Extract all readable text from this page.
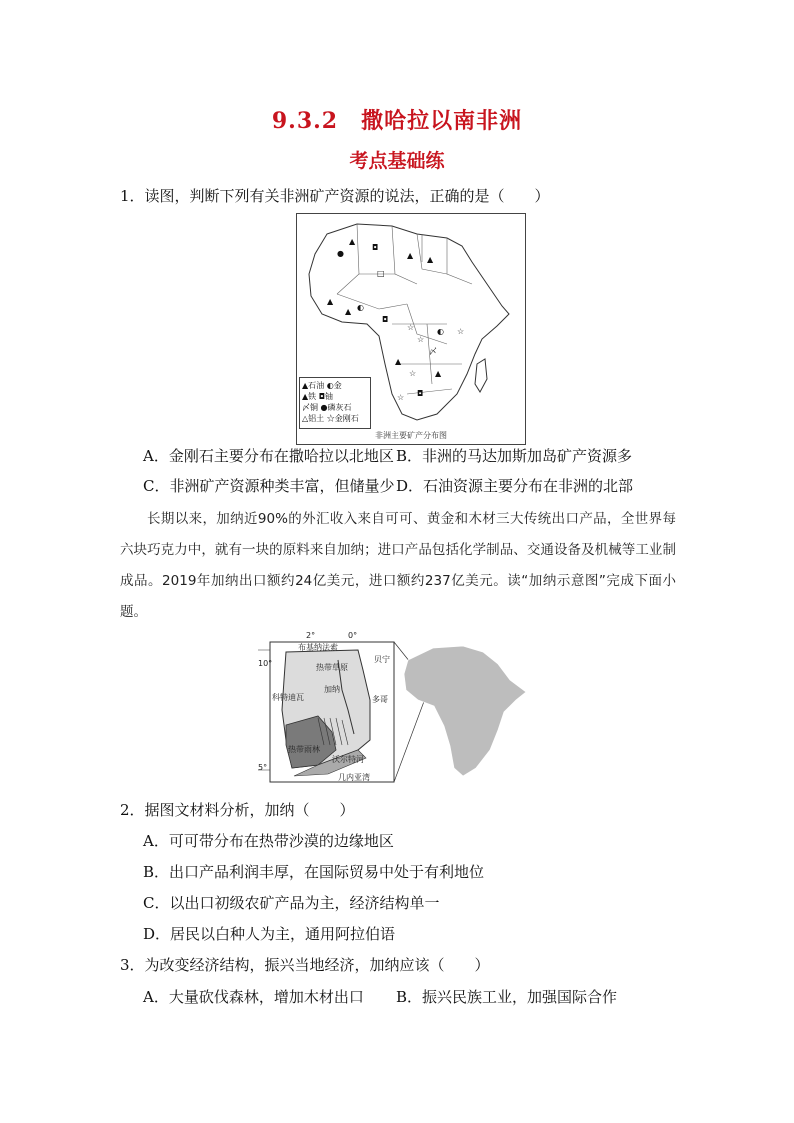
9.3.2　撒哈拉以南非洲
考点基础练
1．读图，判断下列有关非洲矿产资源的说法，正确的是（　　）
▲
●	▲ ▲
◘
□
▲
▲ ◐
◘
☆
☆
◐
▲
〆
☆ ▲
☆ ◘
☆
▲石油 ◐金
▲铁 ◘铀
〆铜 ●磷灰石
△铝土 ☆金刚石
非洲主要矿产分布图
A．金刚石主要分布在撒哈拉以北地区 B．非洲的马达加斯加岛矿产资源多
C．非洲矿产资源种类丰富，但储量少 D．石油资源主要分布在非洲的北部
长期以来，加纳近90%的外汇收入来自可可、黄金和木材三大传统出口产品，全世界每六块巧克力中，就有一块的原料来自加纳；进口产品包括化学制品、交通设备及机械等工业制成品。2019年加纳出口额约24亿美元，进口额约237亿美元。读“加纳示意图”完成下面小题。
2°	0°
10°
5°
布基纳法索
贝宁
多哥
科特迪瓦
热带草原
加纳
热带雨林
沃尔特河
几内亚湾
2．据图文材料分析，加纳（　　）
A．可可带分布在热带沙漠的边缘地区
B．出口产品利润丰厚，在国际贸易中处于有利地位
C．以出口初级农矿产品为主，经济结构单一
D．居民以白种人为主，通用阿拉伯语
3．为改变经济结构，振兴当地经济，加纳应该（　　）
A．大量砍伐森林，增加木材出口 B．振兴民族工业，加强国际合作
